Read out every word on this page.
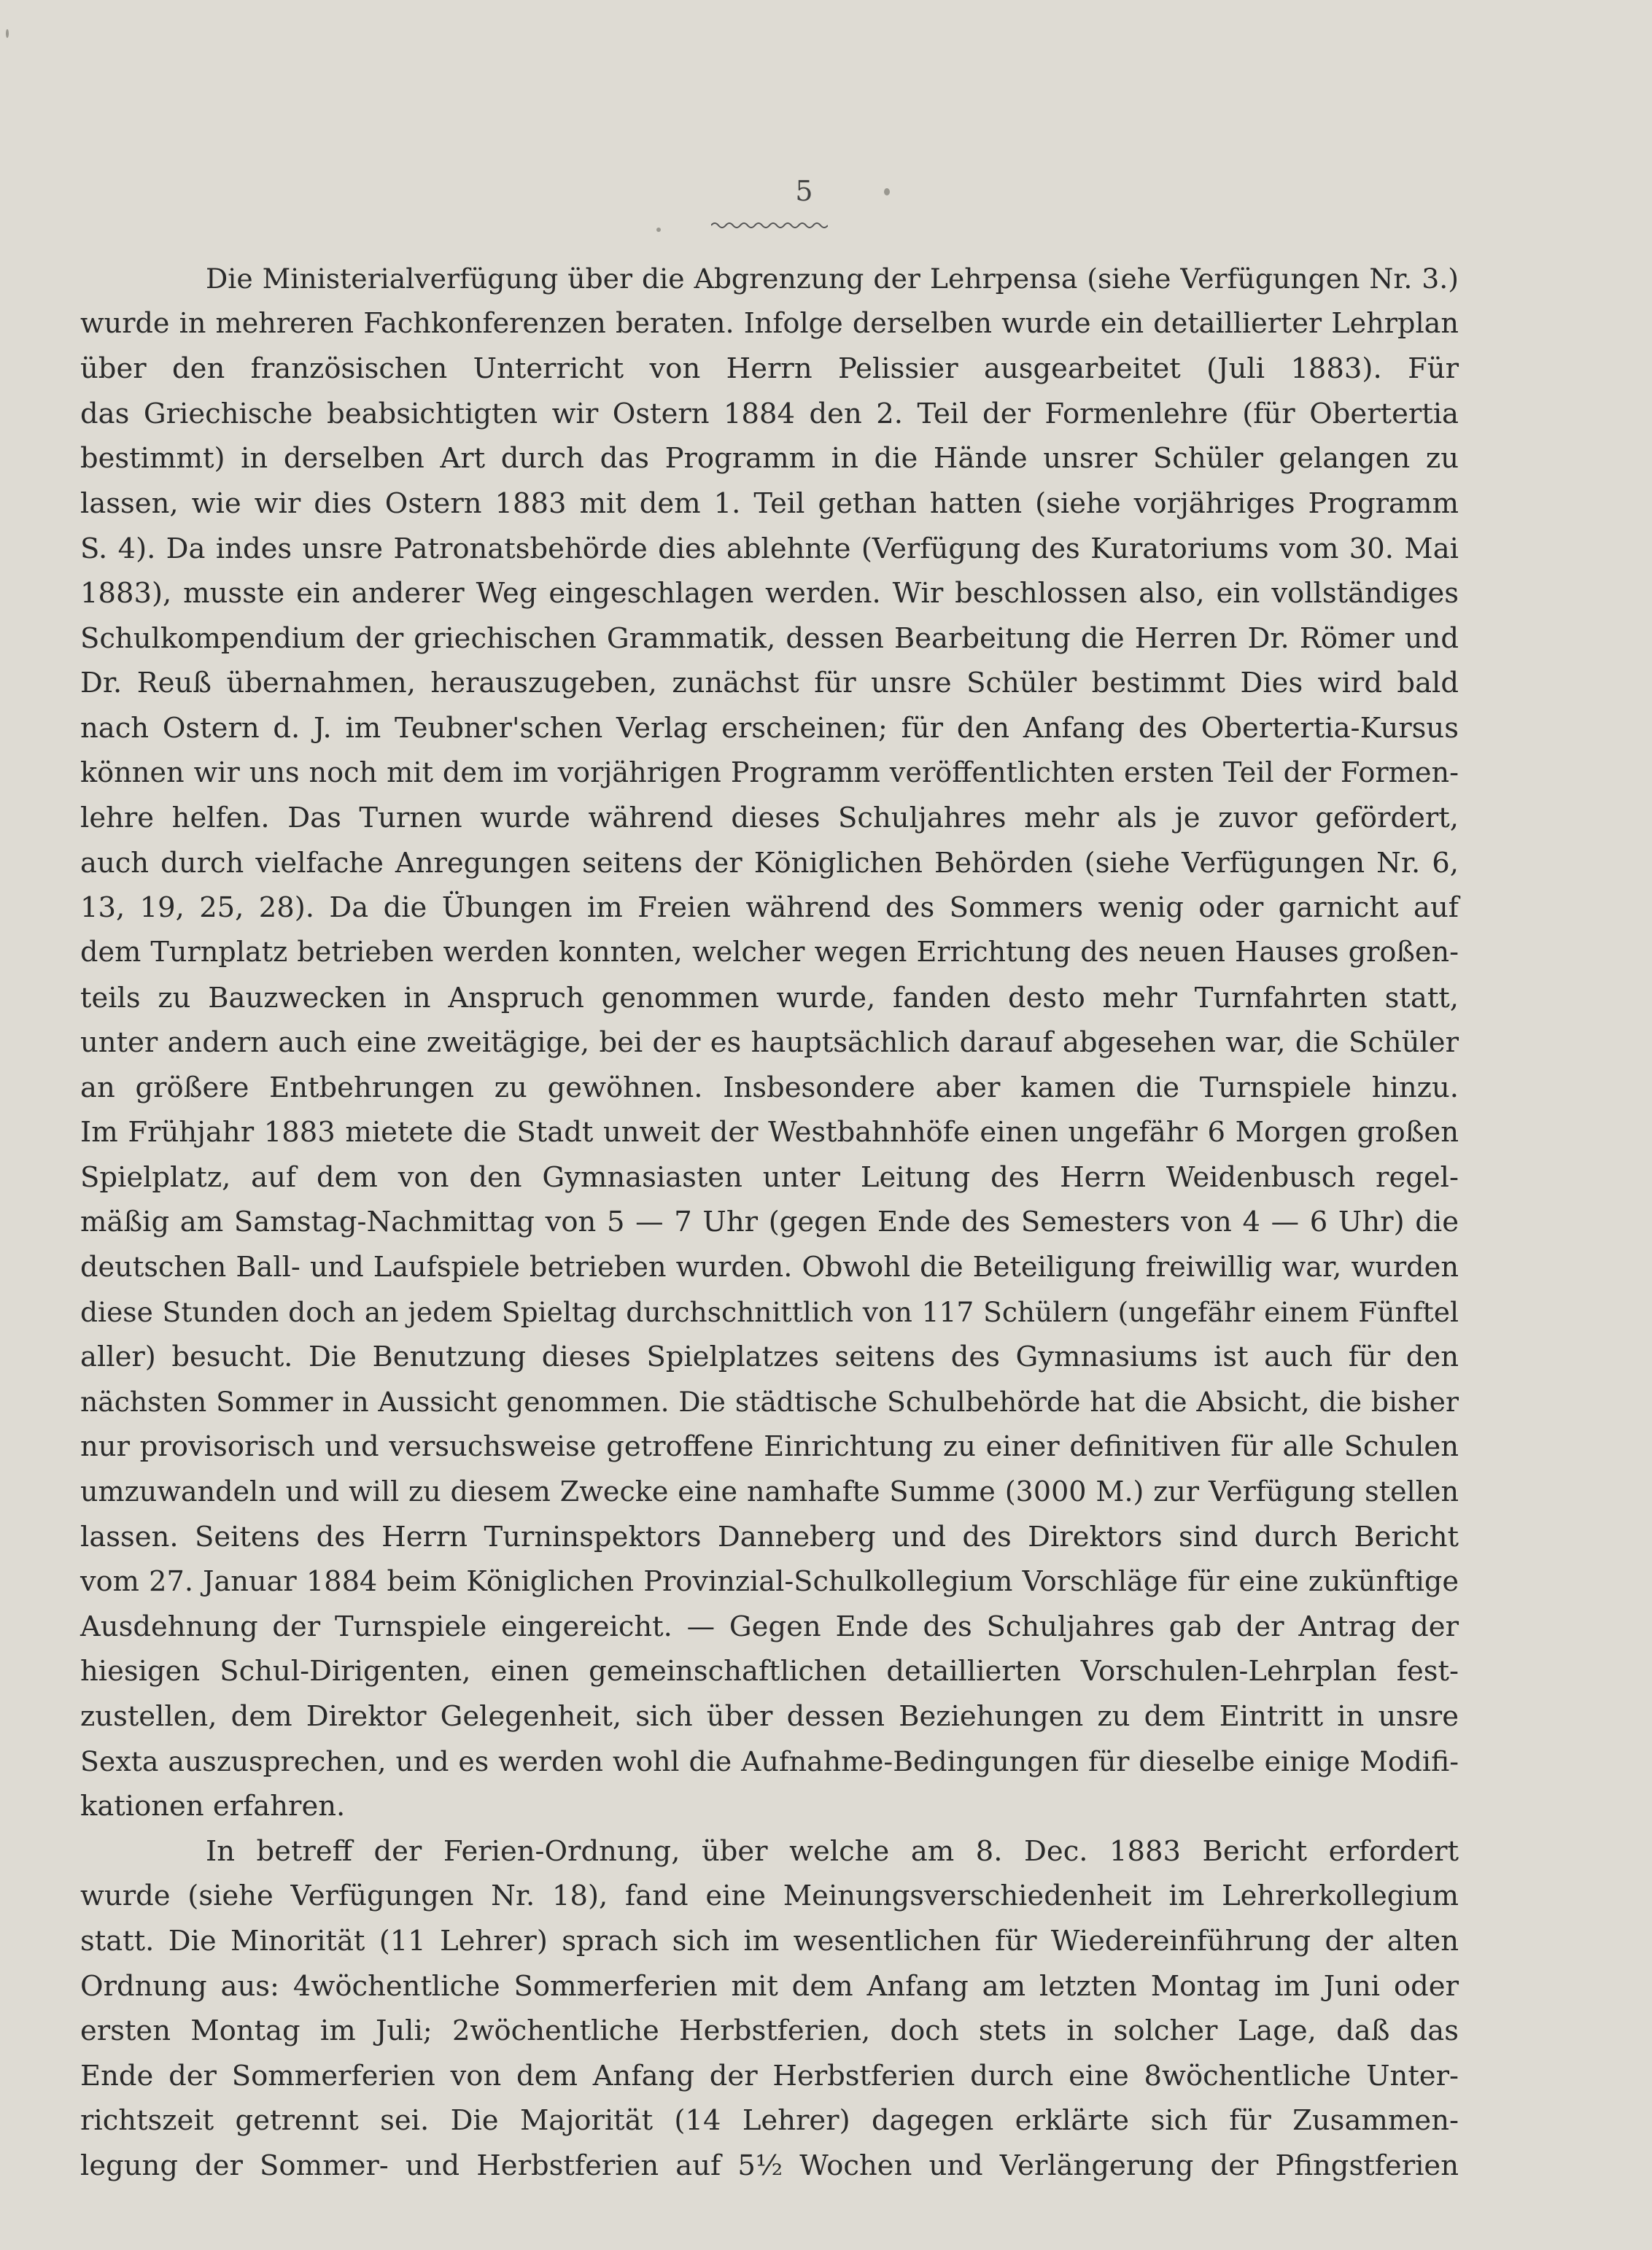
5
Die Ministerialverfügung über die Abgrenzung der Lehrpensa (siehe Verfügungen Nr. 3.)
wurde in mehreren Fachkonferenzen beraten. Infolge derselben wurde ein detaillierter Lehrplan
über den französischen Unterricht von Herrn Pelissier ausgearbeitet (Juli 1883). Für
das Griechische beabsichtigten wir Ostern 1884 den 2. Teil der Formenlehre (für Obertertia
bestimmt) in derselben Art durch das Programm in die Hände unsrer Schüler gelangen zu
lassen, wie wir dies Ostern 1883 mit dem 1. Teil gethan hatten (siehe vorjähriges Programm
S. 4). Da indes unsre Patronatsbehörde dies ablehnte (Verfügung des Kuratoriums vom 30. Mai
1883), musste ein anderer Weg eingeschlagen werden. Wir beschlossen also, ein vollständiges
Schulkompendium der griechischen Grammatik, dessen Bearbeitung die Herren Dr. Römer und
Dr. Reuß übernahmen, herauszugeben, zunächst für unsre Schüler bestimmt Dies wird bald
nach Ostern d. J. im Teubner'schen Verlag erscheinen; für den Anfang des Obertertia-Kursus
können wir uns noch mit dem im vorjährigen Programm veröffentlichten ersten Teil der Formen-
lehre helfen. Das Turnen wurde während dieses Schuljahres mehr als je zuvor gefördert,
auch durch vielfache Anregungen seitens der Königlichen Behörden (siehe Verfügungen Nr. 6,
13, 19, 25, 28). Da die Übungen im Freien während des Sommers wenig oder garnicht auf
dem Turnplatz betrieben werden konnten, welcher wegen Errichtung des neuen Hauses großen-
teils zu Bauzwecken in Anspruch genommen wurde, fanden desto mehr Turnfahrten statt,
unter andern auch eine zweitägige, bei der es hauptsächlich darauf abgesehen war, die Schüler
an größere Entbehrungen zu gewöhnen. Insbesondere aber kamen die Turnspiele hinzu.
Im Frühjahr 1883 mietete die Stadt unweit der Westbahnhöfe einen ungefähr 6 Morgen großen
Spielplatz, auf dem von den Gymnasiasten unter Leitung des Herrn Weidenbusch regel-
mäßig am Samstag-Nachmittag von 5 — 7 Uhr (gegen Ende des Semesters von 4 — 6 Uhr) die
deutschen Ball- und Laufspiele betrieben wurden. Obwohl die Beteiligung freiwillig war, wurden
diese Stunden doch an jedem Spieltag durchschnittlich von 117 Schülern (ungefähr einem Fünftel
aller) besucht. Die Benutzung dieses Spielplatzes seitens des Gymnasiums ist auch für den
nächsten Sommer in Aussicht genommen. Die städtische Schulbehörde hat die Absicht, die bisher
nur provisorisch und versuchsweise getroffene Einrichtung zu einer definitiven für alle Schulen
umzuwandeln und will zu diesem Zwecke eine namhafte Summe (3000 M.) zur Verfügung stellen
lassen. Seitens des Herrn Turninspektors Danneberg und des Direktors sind durch Bericht
vom 27. Januar 1884 beim Königlichen Provinzial-Schulkollegium Vorschläge für eine zukünftige
Ausdehnung der Turnspiele eingereicht. — Gegen Ende des Schuljahres gab der Antrag der
hiesigen Schul-Dirigenten, einen gemeinschaftlichen detaillierten Vorschulen-Lehrplan fest-
zustellen, dem Direktor Gelegenheit, sich über dessen Beziehungen zu dem Eintritt in unsre
Sexta auszusprechen, und es werden wohl die Aufnahme-Bedingungen für dieselbe einige Modifi-
kationen erfahren.
In betreff der Ferien-Ordnung, über welche am 8. Dec. 1883 Bericht erfordert
wurde (siehe Verfügungen Nr. 18), fand eine Meinungsverschiedenheit im Lehrerkollegium
statt. Die Minorität (11 Lehrer) sprach sich im wesentlichen für Wiedereinführung der alten
Ordnung aus: 4wöchentliche Sommerferien mit dem Anfang am letzten Montag im Juni oder
ersten Montag im Juli; 2wöchentliche Herbstferien, doch stets in solcher Lage, daß das
Ende der Sommerferien von dem Anfang der Herbstferien durch eine 8wöchentliche Unter-
richtszeit getrennt sei. Die Majorität (14 Lehrer) dagegen erklärte sich für Zusammen-
legung der Sommer- und Herbstferien auf 5½ Wochen und Verlängerung der Pfingstferien
